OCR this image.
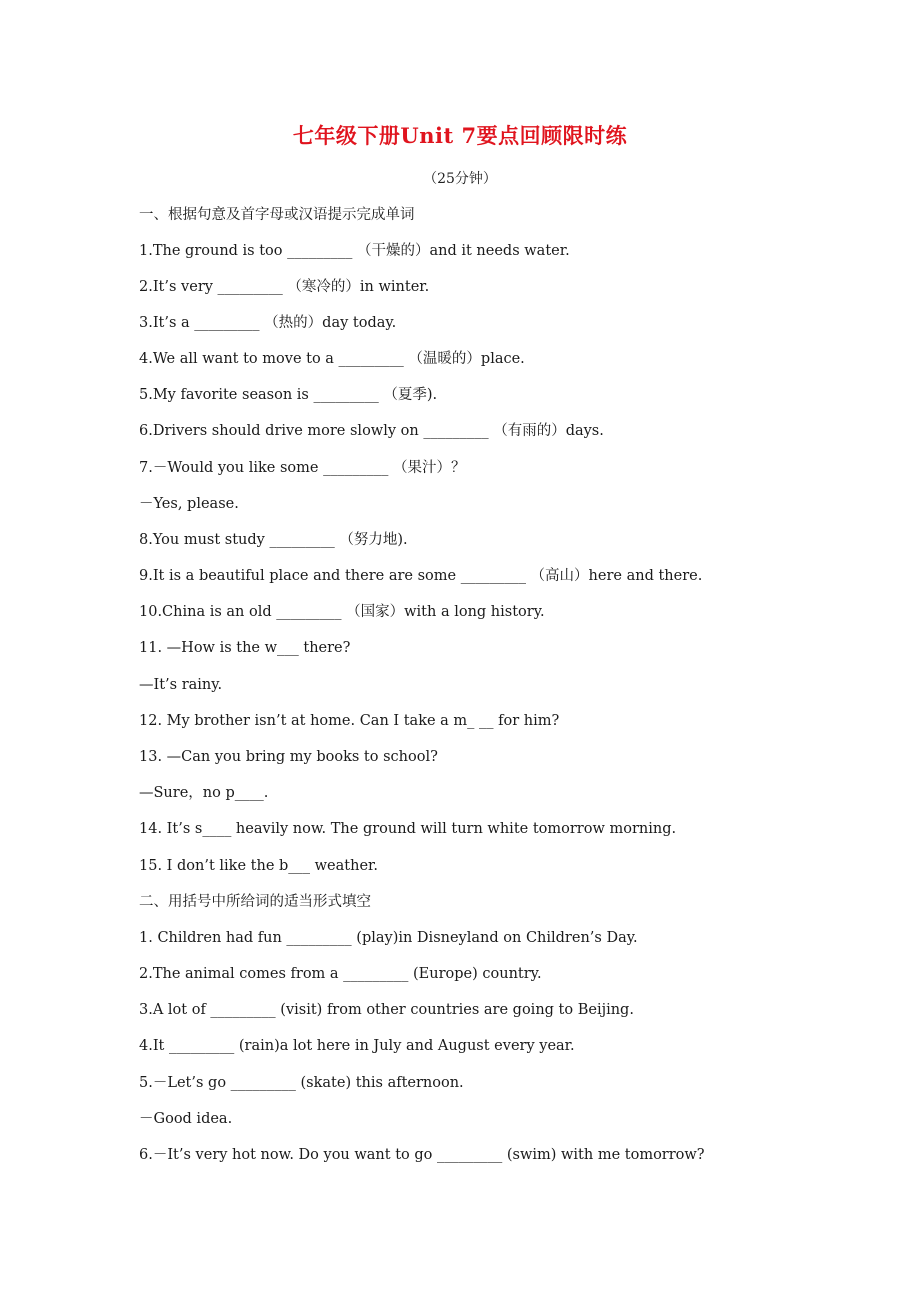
七年级下册Unit 7要点回顾限时练
（25分钟）
一、根据句意及首字母或汉语提示完成单词
1.The ground is too _________ （干燥的）and it needs water.
2.It’s very _________ （寒冷的）in winter.
3.It’s a _________ （热的）day today.
4.We all want to move to a _________ （温暖的）place.
5.My favorite season is _________ （夏季).
6.Drivers should drive more slowly on _________ （有雨的）days.
7.－Would you like some _________ （果汁）？
－Yes, please.
8.You must study _________ （努力地).
9.It is a beautiful place and there are some _________ （高山）here and there.
10.China is an old _________ （国家）with a long history.
11. —How is the w___ there?
—It’s rainy.
12. My brother isn’t at home. Can I take a m_ __ for him?
13. —Can you bring my books to school?
—Sure，no p____.
14. It’s s____ heavily now. The ground will turn white tomorrow morning.
15. I don’t like the b___ weather.
二、用括号中所给词的适当形式填空
1. Children had fun _________ (play)in Disneyland on Children’s Day.
2.The animal comes from a _________ (Europe) country.
3.A lot of _________ (visit) from other countries are going to Beijing.
4.It _________ (rain)a lot here in July and August every year.
5.－Let’s go _________ (skate) this afternoon.
－Good idea.
6.－It’s very hot now. Do you want to go _________ (swim) with me tomorrow?
